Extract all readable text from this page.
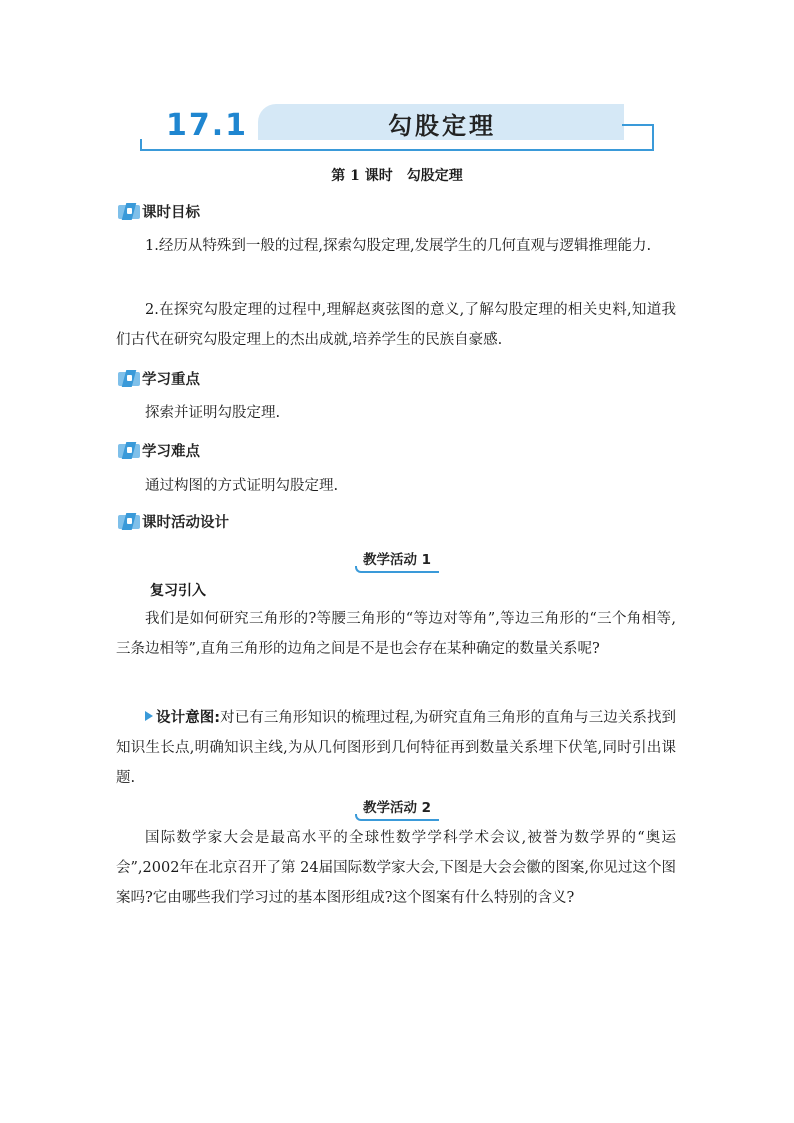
17.1	勾股定理
第 1 课时　勾股定理
课时目标

1.经历从特殊到一般的过程,探索勾股定理,发展学生的几何直观与逻辑推理能力.

2.在探究勾股定理的过程中,理解赵爽弦图的意义,了解勾股定理的相关史料,知道我们古代在研究勾股定理上的杰出成就,培养学生的民族自豪感.

学习重点

探索并证明勾股定理.

学习难点

通过构图的方式证明勾股定理.

课时活动设计
教学活动 1
复习引入

我们是如何研究三角形的?等腰三角形的“等边对等角”,等边三角形的“三个角相等,三条边相等”,直角三角形的边角之间是不是也会存在某种确定的数量关系呢?

设计意图:对已有三角形知识的梳理过程,为研究直角三角形的直角与三边关系找到知识生长点,明确知识主线,为从几何图形到几何特征再到数量关系埋下伏笔,同时引出课题.

教学活动 2

国际数学家大会是最高水平的全球性数学学科学术会议,被誉为数学界的“奥运会”,2002年在北京召开了第 24届国际数学家大会,下图是大会会徽的图案,你见过这个图案吗?它由哪些我们学习过的基本图形组成?这个图案有什么特别的含义?
